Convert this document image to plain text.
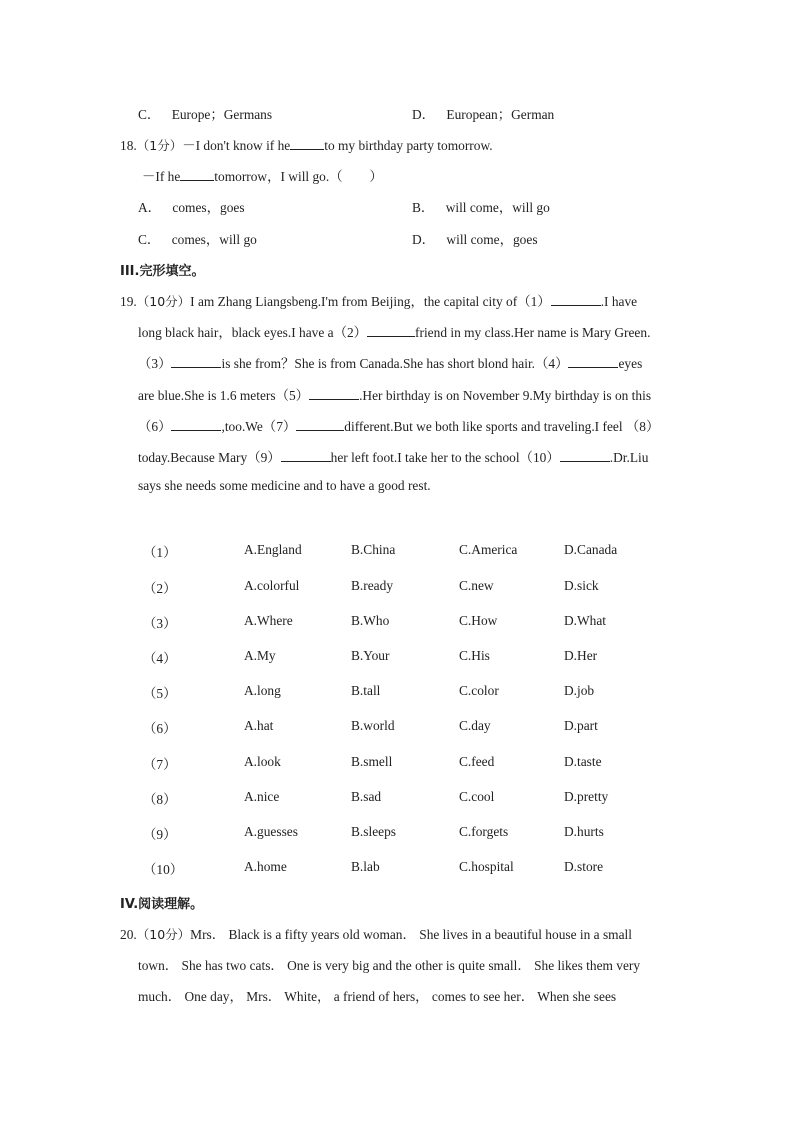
C． Europe；Germans	D． European；German
18.（1分）－I don't know if he	to my birthday party tomorrow.
－If he	tomorrow，I will go.（　　）
A． comes，goes	B． will come，will go
C． comes，will go	D． will come，goes
III.完形填空。
19.（10分）I am Zhang Liangsbeng.I'm from Beijing，the capital city of（1）	.I have
long black hair，black eyes.I have a（2）	friend in my class.Her name is Mary Green.
（3）	is she from？She is from Canada.She has short blond hair.（4）	eyes
are blue.She is 1.6 meters（5）	.Her birthday is on November 9.My birthday is on this
（6）	,too.We（7）	different.But we both like sports and traveling.I feel （8）
today.Because Mary（9）	her left foot.I take her to the school（10）	.Dr.Liu
says she needs some medicine and to have a good rest.
（1）	A.England	B.China	C.America	D.Canada
（2）	A.colorful	B.ready	C.new	D.sick
（3）	A.Where	B.Who	C.How	D.What
（4）	A.My	B.Your	C.His	D.Her
（5）	A.long	B.tall	C.color	D.job
（6）	A.hat	B.world	C.day	D.part
（7）	A.look	B.smell	C.feed	D.taste
（8）	A.nice	B.sad	C.cool	D.pretty
（9）	A.guesses	B.sleeps	C.forgets	D.hurts
（10）	A.home	B.lab	C.hospital	D.store
IV.阅读理解。
20.（10分）Mrs． Black is a fifty years old woman． She lives in a beautiful house in a small
town． She has two cats． One is very big and the other is quite small． She likes them very
much． One day， Mrs． White， a friend of hers， comes to see her． When she sees
